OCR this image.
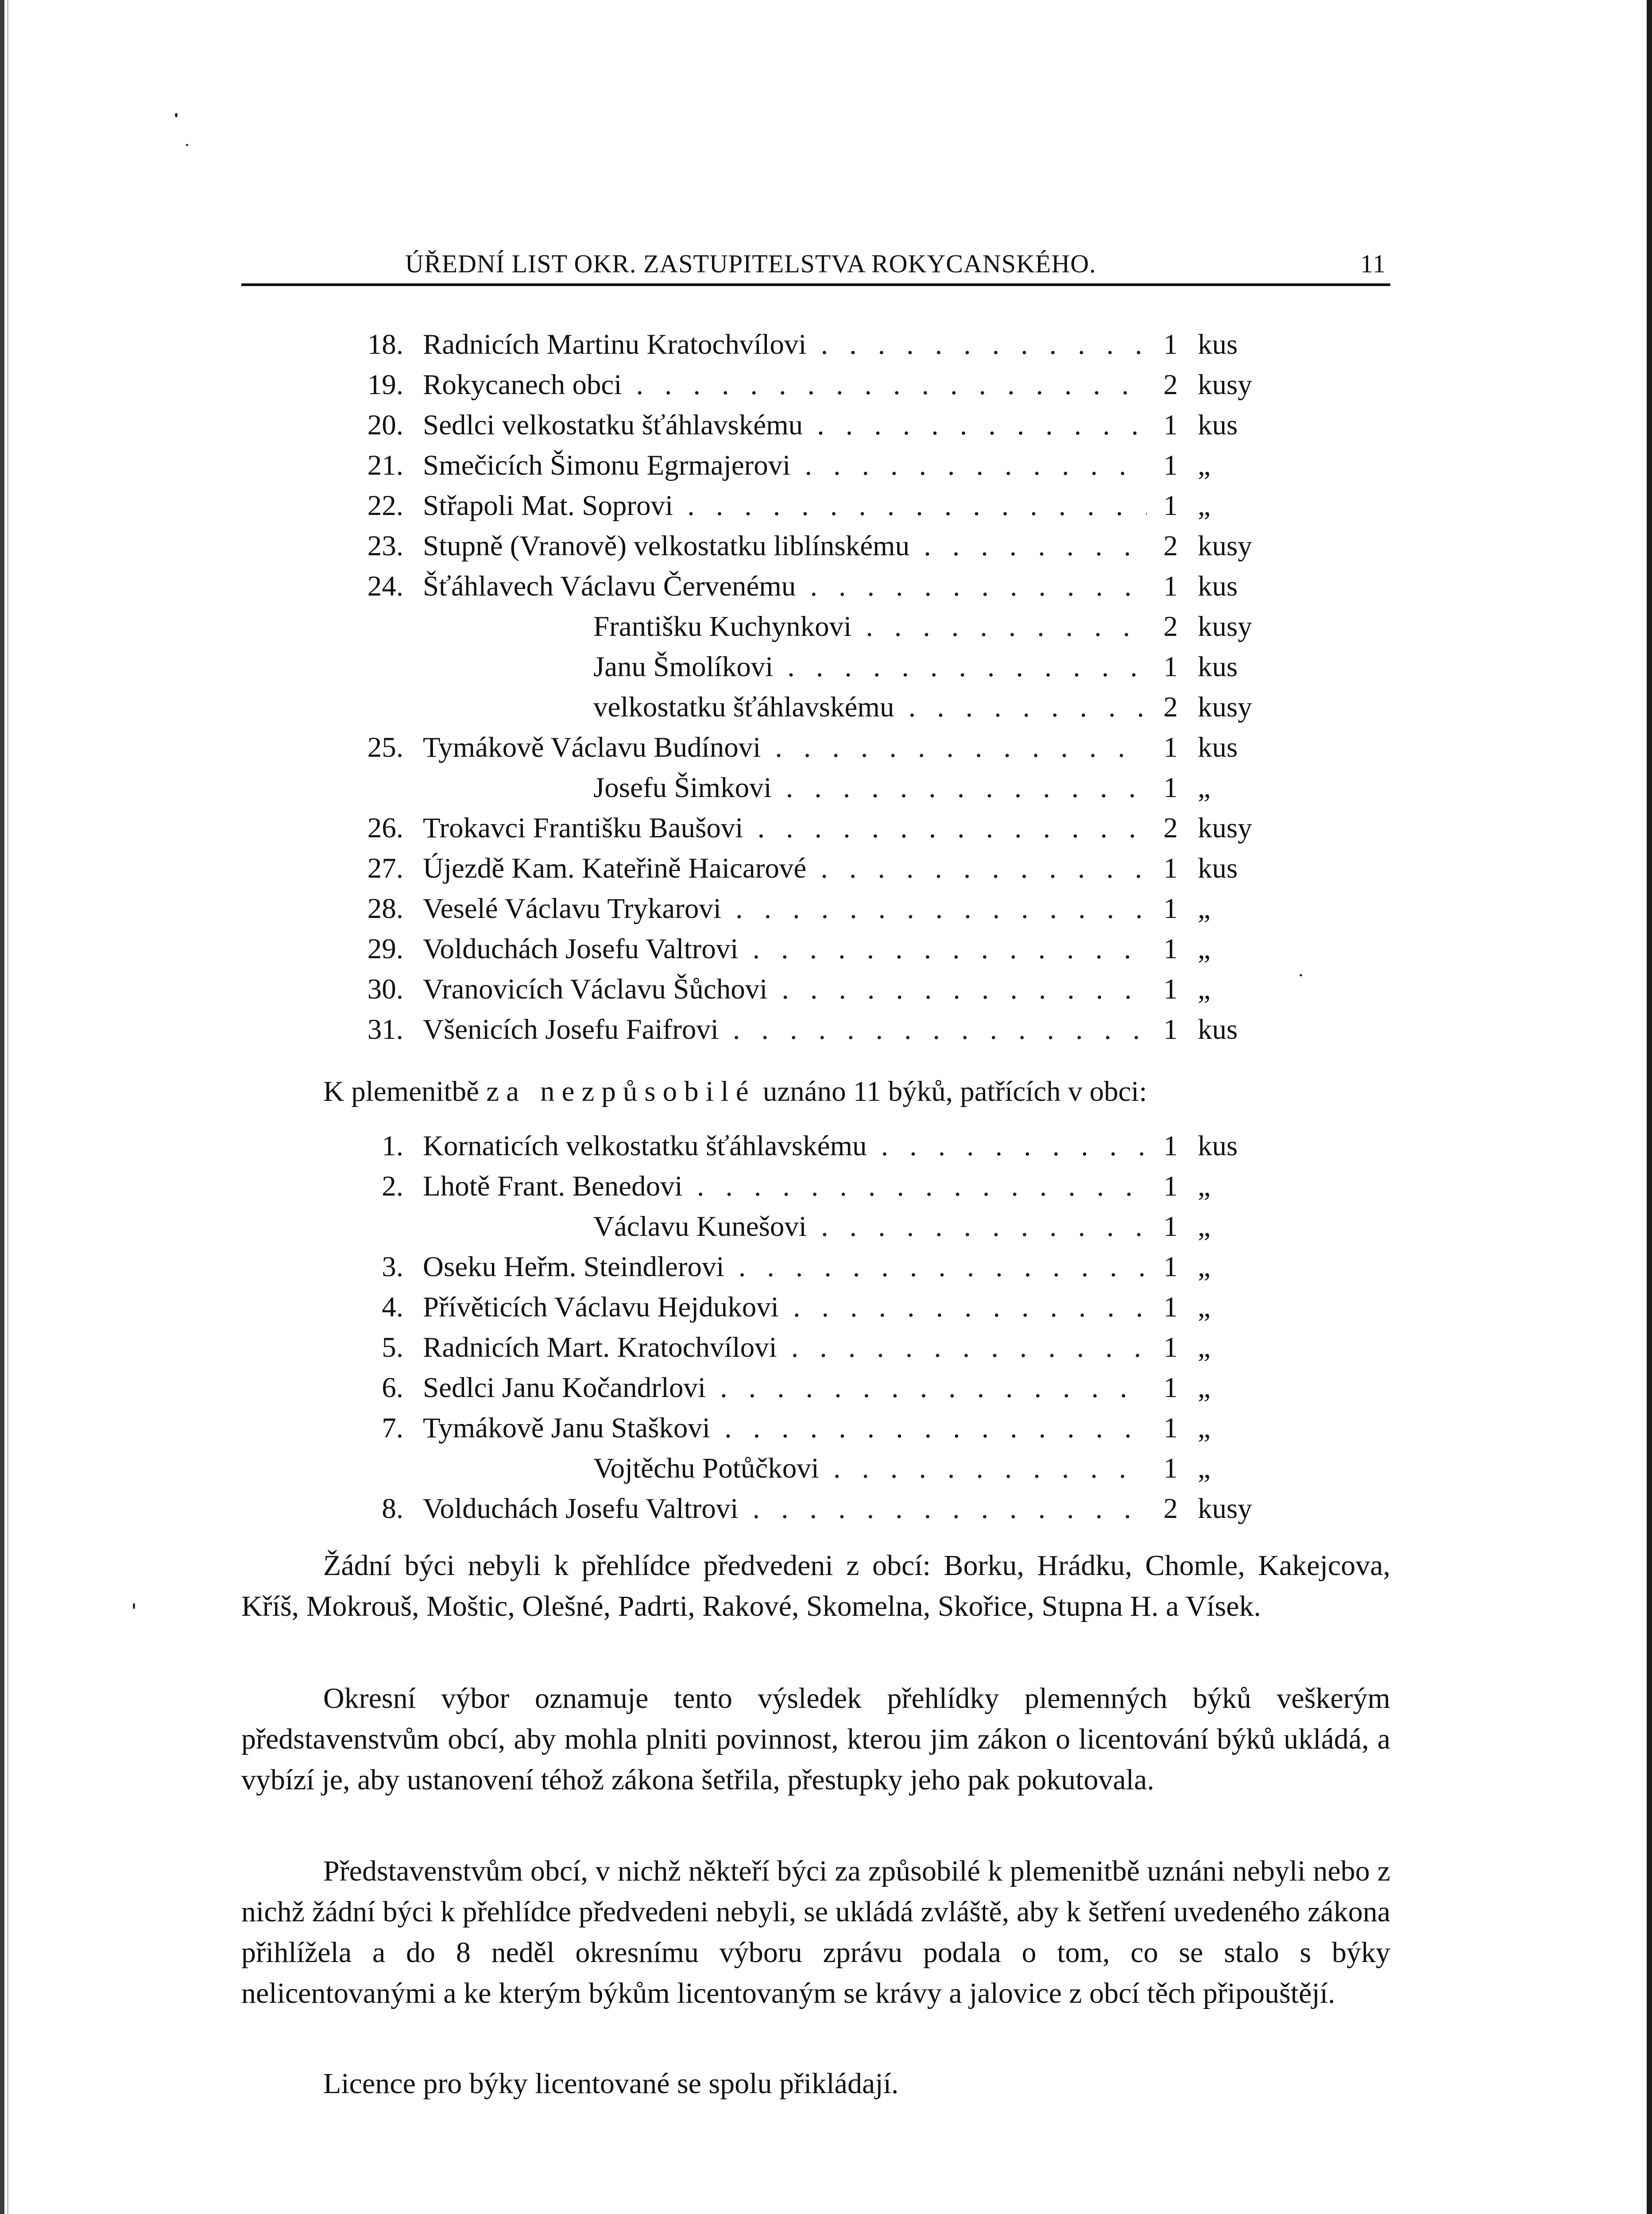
ÚŘEDNÍ LIST OKR. ZASTUPITELSTVA ROKYCANSKÉHO.	11
18. Radnicích Martinu Kratochvílovi . . .	1 kus
19. Rokycanech obci . . .	2 kusy
20. Sedlci velkostatku šťáhlavskému . . .	1 kus
21. Smečicích Šimonu Egrmajerovi . . .	1 „
22. Střapoli Mat. Soprovi . . .	1 „
23. Stupně (Vranově) velkostatku liblínskému . . .	2 kusy
24. Šťáhlavech Václavu Červenému . . .	1 kus
Františku Kuchynkovi . . .	2 kusy
Janu Šmolíkovi . . .	1 kus
velkostatku šťáhlavskému . . .	2 kusy
25. Tymákově Václavu Budínovi . . .	1 kus
Josefu Šimkovi . . .	1 „
26. Trokavci Františku Baušovi . . .	2 kusy
27. Újezdě Kam. Kateřině Haicarové . . .	1 kus
28. Veselé Václavu Trykarovi . . .	1 „
29. Volduchách Josefu Valtrovi . . .	1 „
30. Vranovicích Václavu Šůchovi . . .	1 „
31. Všenicích Josefu Faifrovi . . .	1 kus
K plemenitbě za nezpůsobilé uznáno 11 býků, patřících v obci:
1. Kornaticích velkostatku šťáhlavskému . . .	1 kus
2. Lhotě Frant. Benedovi . . .	1 „
Václavu Kunešovi . . .	1 „
3. Oseku Heřm. Steindlerovi . . .	1 „
4. Přívěticích Václavu Hejdukovi . . .	1 „
5. Radnicích Mart. Kratochvílovi . . .	1 „
6. Sedlci Janu Kočandrlovi . . .	1 „
7. Tymákově Janu Staškovi . . .	1 „
Vojtěchu Potůčkovi . . .	1 „
8. Volduchách Josefu Valtrovi . . .	2 kusy
Žádní býci nebyli k přehlídce předvedeni z obcí: Borku, Hrádku, Chomle, Kakejcova, Kříš, Mokrouš, Moštic, Olešné, Padrti, Rakové, Skomelna, Skořice, Stupna H. a Vísek.
Okresní výbor oznamuje tento výsledek přehlídky plemenných býků veškerým představenstvům obcí, aby mohla plniti povinnost, kterou jim zákon o licentování býků ukládá, a vybízí je, aby ustanovení téhož zákona šetřila, přestupky jeho pak pokutovala.
Představenstvům obcí, v nichž někteří býci za způsobilé k plemenitbě uznáni nebyli nebo z nichž žádní býci k přehlídce předvedeni nebyli, se ukládá zvláště, aby k šetření uvedeného zákona přihlížela a do 8 neděl okresnímu výboru zprávu podala o tom, co se stalo s býky nelicentovanými a ke kterým býkům licentovaným se krávy a jalovice z obcí těch připouštějí.
Licence pro býky licentované se spolu přikládají.
